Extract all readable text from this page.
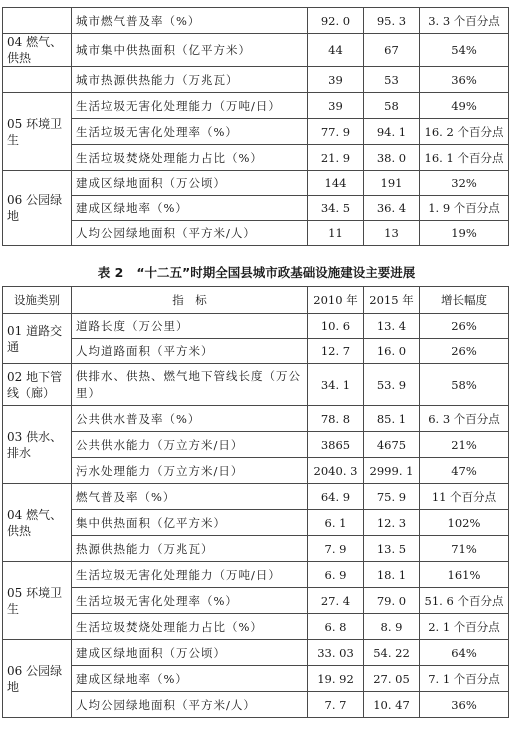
	城市燃气普及率（%）	92. 0	95. 3	3. 3 个百分点
04 燃气、供热	城市集中供热面积（亿平方米）	44	67	54%
	城市热源供热能力（万兆瓦）	39	53	36%
05 环境卫生	生活垃圾无害化处理能力（万吨/日）	39	58	49%
	生活垃圾无害化处理率（%）	77. 9	94. 1	16. 2 个百分点
	生活垃圾焚烧处理能力占比（%）	21. 9	38. 0	16. 1 个百分点
06 公园绿地	建成区绿地面积（万公顷）	144	191	32%
	建成区绿地率（%）	34. 5	36. 4	1. 9 个百分点
	人均公园绿地面积（平方米/人）	11	13	19%
表 2 “十二五”时期全国县城市政基础设施建设主要进展
设施类别	指　标	2010 年	2015 年	增长幅度
01 道路交通	道路长度（万公里）	10. 6	13. 4	26%
	人均道路面积（平方米）	12. 7	16. 0	26%
02 地下管线（廊）	供排水、供热、燃气地下管线长度（万公里）	34. 1	53. 9	58%
03 供水、排水	公共供水普及率（%）	78. 8	85. 1	6. 3 个百分点
	公共供水能力（万立方米/日）	3865	4675	21%
	污水处理能力（万立方米/日）	2040. 3	2999. 1	47%
04 燃气、供热	燃气普及率（%）	64. 9	75. 9	11 个百分点
	集中供热面积（亿平方米）	6. 1	12. 3	102%
	热源供热能力（万兆瓦）	7. 9	13. 5	71%
05 环境卫生	生活垃圾无害化处理能力（万吨/日）	6. 9	18. 1	161%
	生活垃圾无害化处理率（%）	27. 4	79. 0	51. 6 个百分点
	生活垃圾焚烧处理能力占比（%）	6. 8	8. 9	2. 1 个百分点
06 公园绿地	建成区绿地面积（万公顷）	33. 03	54. 22	64%
	建成区绿地率（%）	19. 92	27. 05	7. 1 个百分点
	人均公园绿地面积（平方米/人）	7. 7	10. 47	36%
